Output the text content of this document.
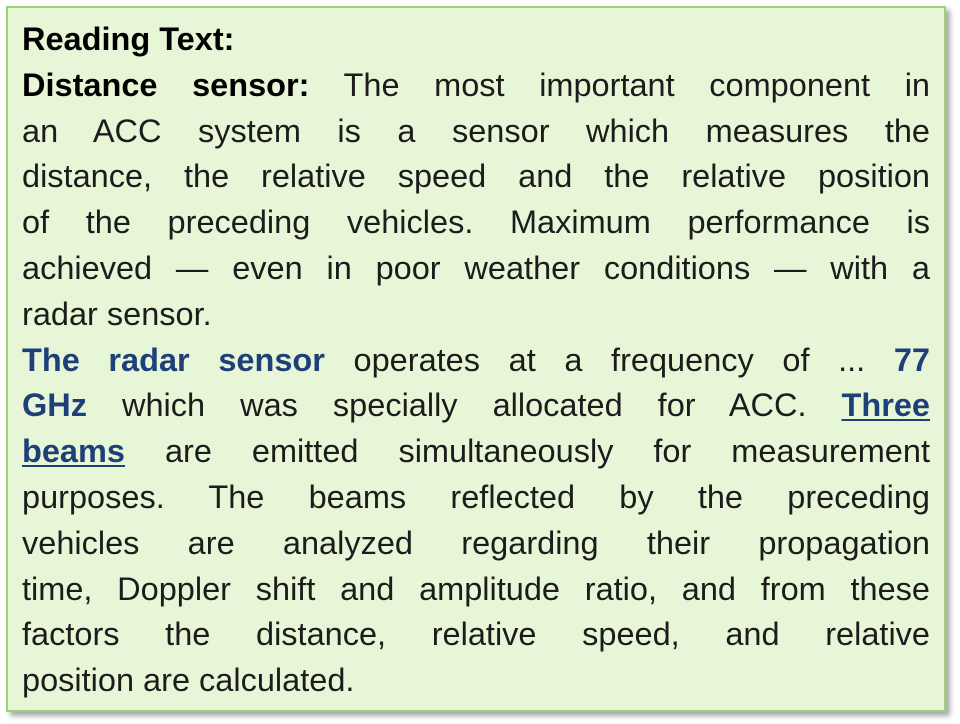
Reading Text:
Distance sensor: The most important component in
an ACC system is a sensor which measures the
distance, the relative speed and the relative position
of the preceding vehicles. Maximum performance is
achieved — even in poor weather conditions — with a
radar sensor.
The radar sensor operates at a frequency of ... 77
GHz which was specially allocated for ACC. Three
beams are emitted simultaneously for measurement
purposes. The beams reflected by the preceding
vehicles are analyzed regarding their propagation
time, Doppler shift and amplitude ratio, and from these
factors the distance, relative speed, and relative
position are calculated.
